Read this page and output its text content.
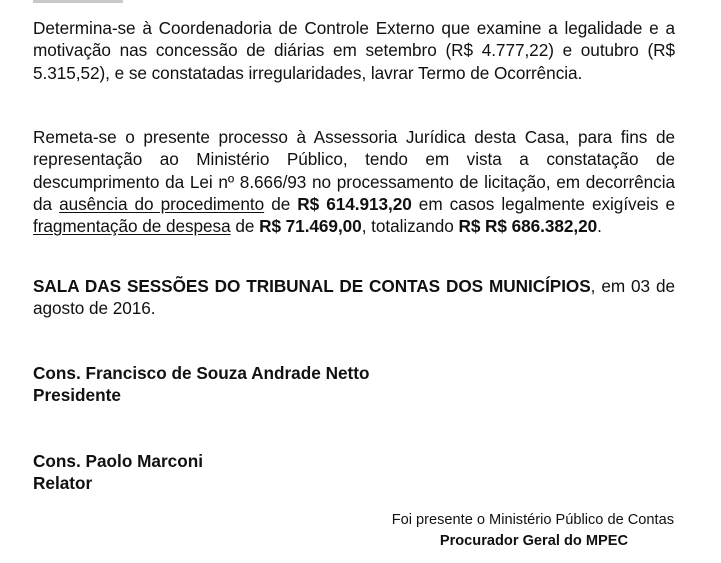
Determina-se à Coordenadoria de Controle Externo que examine a legalidade e a motivação nas concessão de diárias em setembro (R$ 4.777,22) e outubro (R$ 5.315,52), e se constatadas irregularidades, lavrar Termo de Ocorrência.

Remeta-se o presente processo à Assessoria Jurídica desta Casa, para fins de representação ao Ministério Público, tendo em vista a constatação de descumprimento da Lei nº 8.666/93 no processamento de licitação, em decorrência da ausência do procedimento de R$ 614.913,20 em casos legalmente exigíveis e fragmentação de despesa de R$ 71.469,00, totalizando R$ R$ 686.382,20.

SALA DAS SESSÕES DO TRIBUNAL DE CONTAS DOS MUNICÍPIOS, em 03 de agosto de 2016.

Cons. Francisco de Souza Andrade Netto
Presidente
Cons. Paolo Marconi
Relator
Foi presente o Ministério Público de Contas
Procurador Geral do MPEC
